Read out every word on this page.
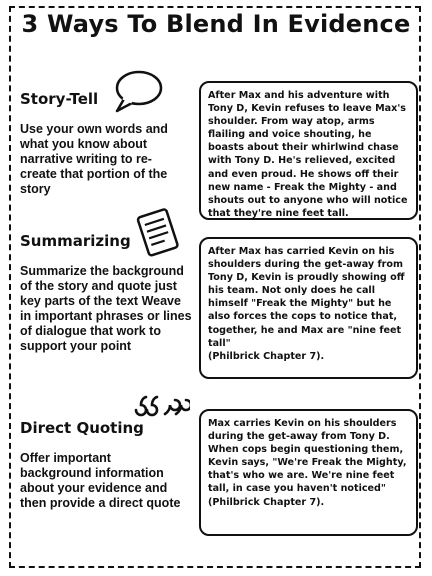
3 Ways To Blend In Evidence
Story-Tell
Use your own words and what you know about narrative writing to re-create that portion of the story

After Max and his adventure with Tony D, Kevin refuses to leave Max's shoulder. From way atop, arms flailing and voice shouting, he boasts about their whirlwind chase with Tony D. He's relieved, excited and even proud. He shows off their new name - Freak the Mighty - and shouts out to anyone who will notice that they're nine feet tall.

Summarizing
Summarize the background of the story and quote just key parts of the text Weave in important phrases or lines of dialogue that work to support your point

After Max has carried Kevin on his shoulders during the get-away from Tony D, Kevin is proudly showing off his team. Not only does he call himself "Freak the Mighty" but he also forces the cops to notice that, together, he and Max are "nine feet tall"

(Philbrick Chapter 7).

Direct Quoting
Offer important background information about your evidence and then provide a direct quote

Max carries Kevin on his shoulders during the get-away from Tony D.

When cops begin questioning them, Kevin says, "We're Freak the Mighty, that's who we are. We're nine feet tall, in case you haven't noticed"

(Philbrick Chapter 7).
